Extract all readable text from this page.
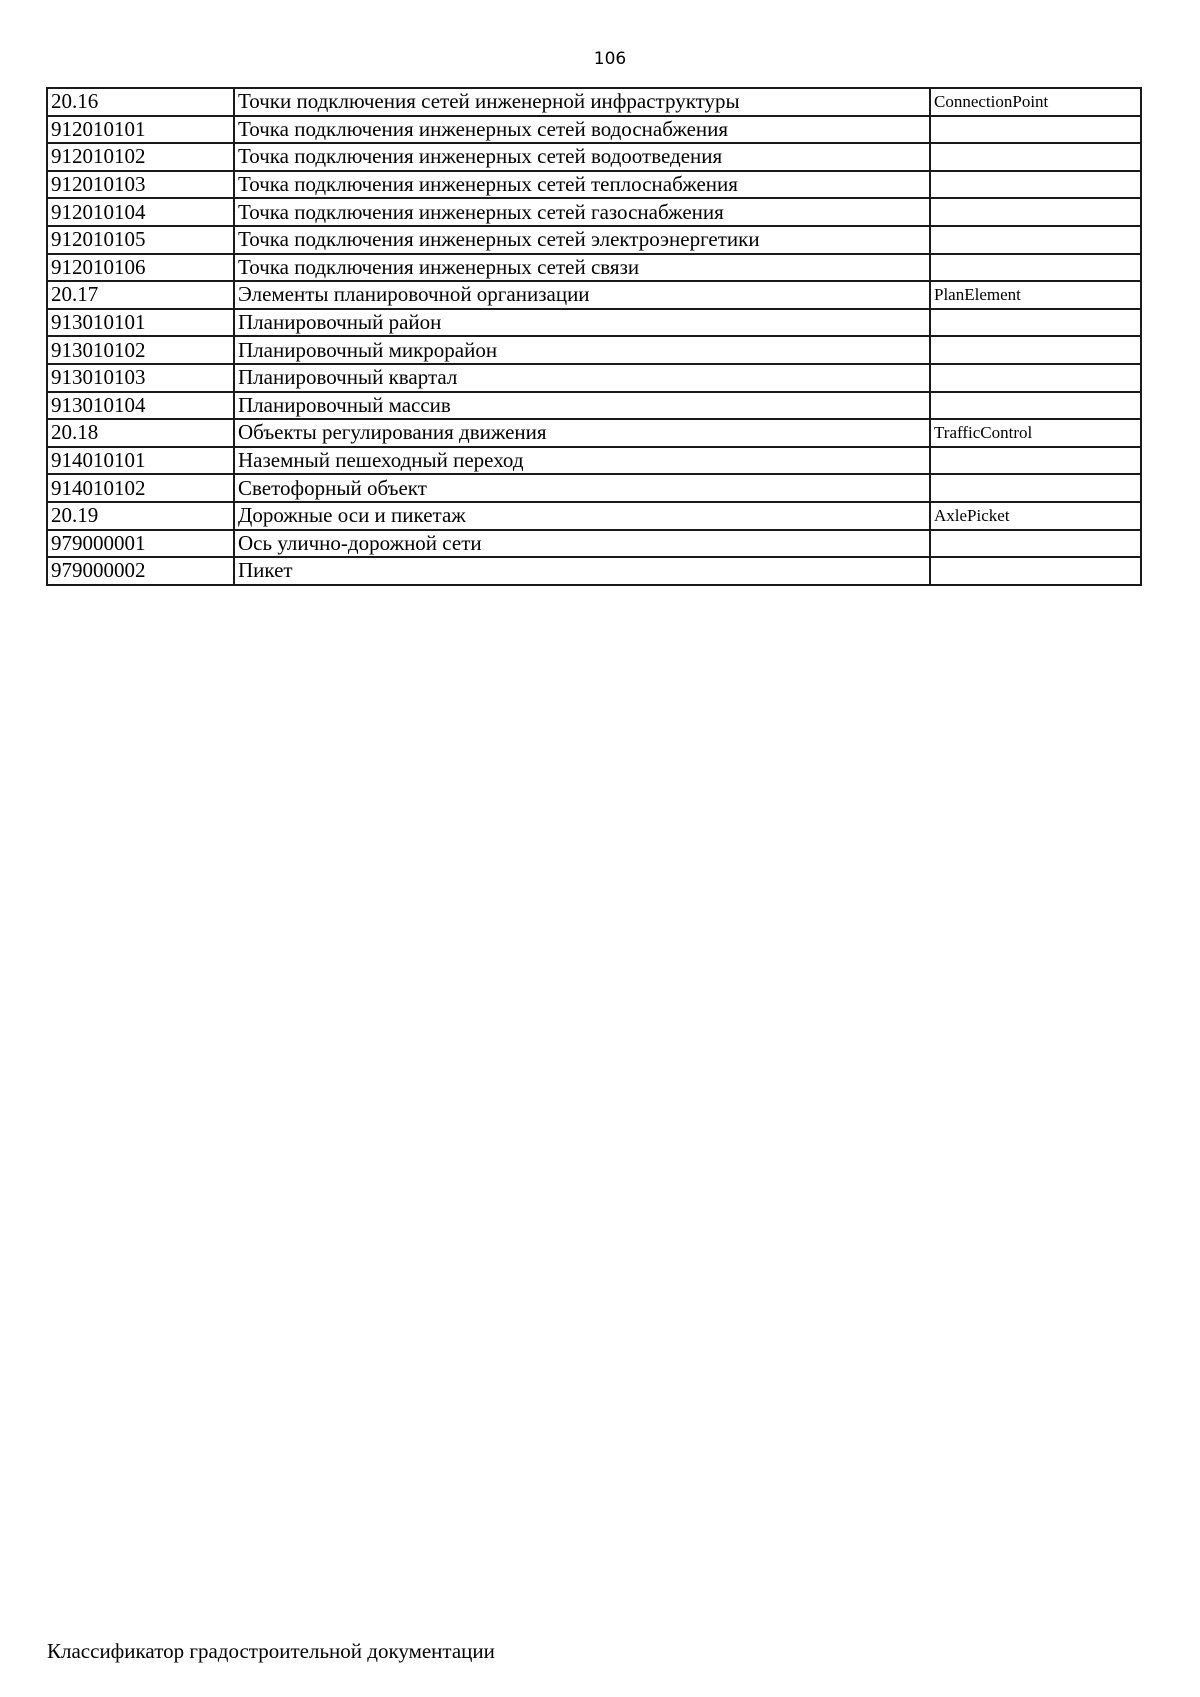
106
20.16	Точки подключения сетей инженерной инфраструктуры	ConnectionPoint
912010101	Точка подключения инженерных сетей водоснабжения	
912010102	Точка подключения инженерных сетей водоотведения	
912010103	Точка подключения инженерных сетей теплоснабжения	
912010104	Точка подключения инженерных сетей газоснабжения	
912010105	Точка подключения инженерных сетей электроэнергетики	
912010106	Точка подключения инженерных сетей связи	
20.17	Элементы планировочной организации	PlanElement
913010101	Планировочный район	
913010102	Планировочный микрорайон	
913010103	Планировочный квартал	
913010104	Планировочный массив	
20.18	Объекты регулирования движения	TrafficControl
914010101	Наземный пешеходный переход	
914010102	Светофорный объект	
20.19	Дорожные оси и пикетаж	AxlePicket
979000001	Ось улично-дорожной сети	
979000002	Пикет	
Классификатор градостроительной документации
